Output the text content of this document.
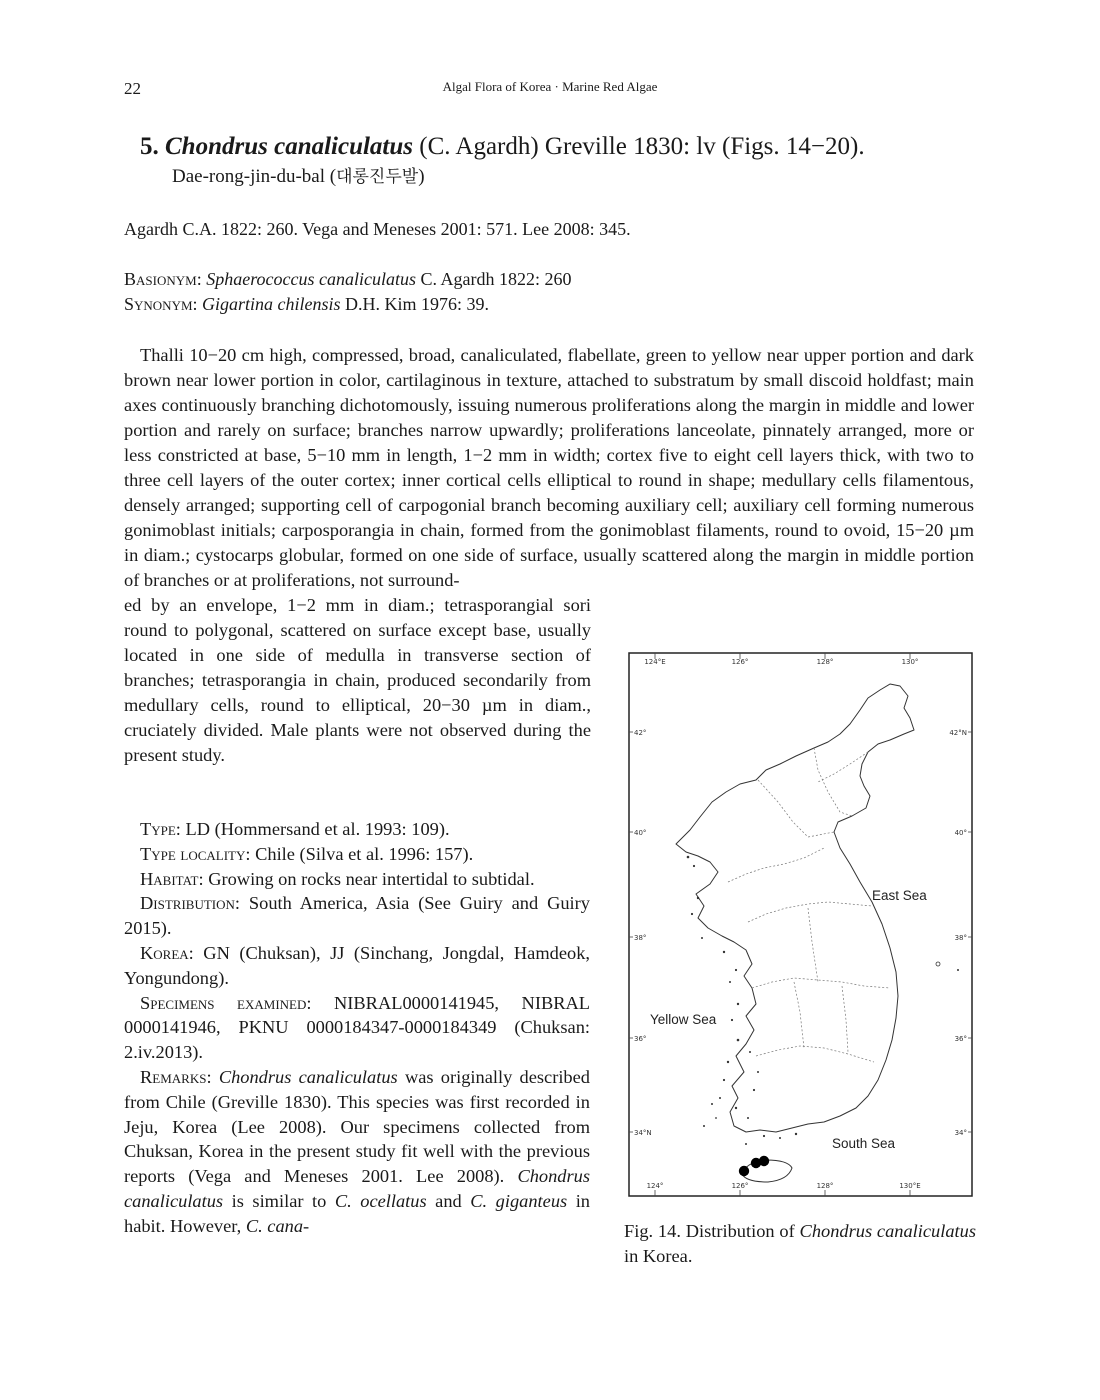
22	Algal Flora of Korea · Marine Red Algae
5. Chondrus canaliculatus (C. Agardh) Greville 1830: lv (Figs. 14−20).
Dae-rong-jin-du-bal (대롱진두발)
Agardh C.A. 1822: 260. Vega and Meneses 2001: 571. Lee 2008: 345.
Basionym: Sphaerococcus canaliculatus C. Agardh 1822: 260
Synonym: Gigartina chilensis D.H. Kim 1976: 39.

Thalli 10−20 cm high, compressed, broad, canaliculated, flabellate, green to yellow near upper portion and dark brown near lower portion in color, cartilaginous in texture, attached to substratum by small discoid holdfast; main axes continuously branching dichotomously, issuing numerous proliferations along the margin in middle and lower portion and rarely on surface; branches narrow upwardly; proliferations lanceolate, pinnately arranged, more or less constricted at base, 5−10 mm in length, 1−2 mm in width; cortex five to eight cell layers thick, with two to three cell layers of the outer cortex; inner cortical cells elliptical to round in shape; medullary cells filamentous, densely arranged; supporting cell of carpogonial branch becoming auxiliary cell; auxiliary cell forming numerous gonimoblast initials; carposporangia in chain, formed from the gonimoblast filaments, round to ovoid, 15−20 µm in diam.; cystocarps globular, formed on one side of surface, usually scattered along the margin in middle portion of branches or at proliferations, not surround-

ed by an envelope, 1−2 mm in diam.; tetrasporangial sori round to polygonal, scattered on surface except base, usually located in one side of medulla in transverse section of branches; tetrasporangia in chain, produced secondarily from medullary cells, round to elliptical, 20−30 µm in diam., cruciately divided. Male plants were not observed during the present study.

Type: LD (Hommersand et al. 1993: 109).

Type locality: Chile (Silva et al. 1996: 157).

Habitat: Growing on rocks near intertidal to subtidal.

Distribution: South America, Asia (See Guiry and Guiry 2015).

Korea: GN (Chuksan), JJ (Sinchang, Jongdal, Hamdeok, Yongundong).

Specimens examined: NIBRAL0000141945, NIBRAL 0000141946, PKNU 0000184347-0000184349 (Chuksan: 2.iv.2013).

Remarks: Chondrus canaliculatus was originally described from Chile (Greville 1830). This species was first recorded in Jeju, Korea (Lee 2008). Our specimens collected from Chuksan, Korea in the present study fit well with the previous reports (Vega and Meneses 2001. Lee 2008). Chondrus canaliculatus is similar to C. ocellatus and C. giganteus in habit. However, C. cana-

124°E	126°	128°	130°
124°	126°	128°	130°E
42°
40°
38°
36°
34°N
42°N
40°
38°
36°
34°
East Sea
Yellow Sea
South Sea
Fig. 14. Distribution of Chondrus canaliculatus in Korea.
